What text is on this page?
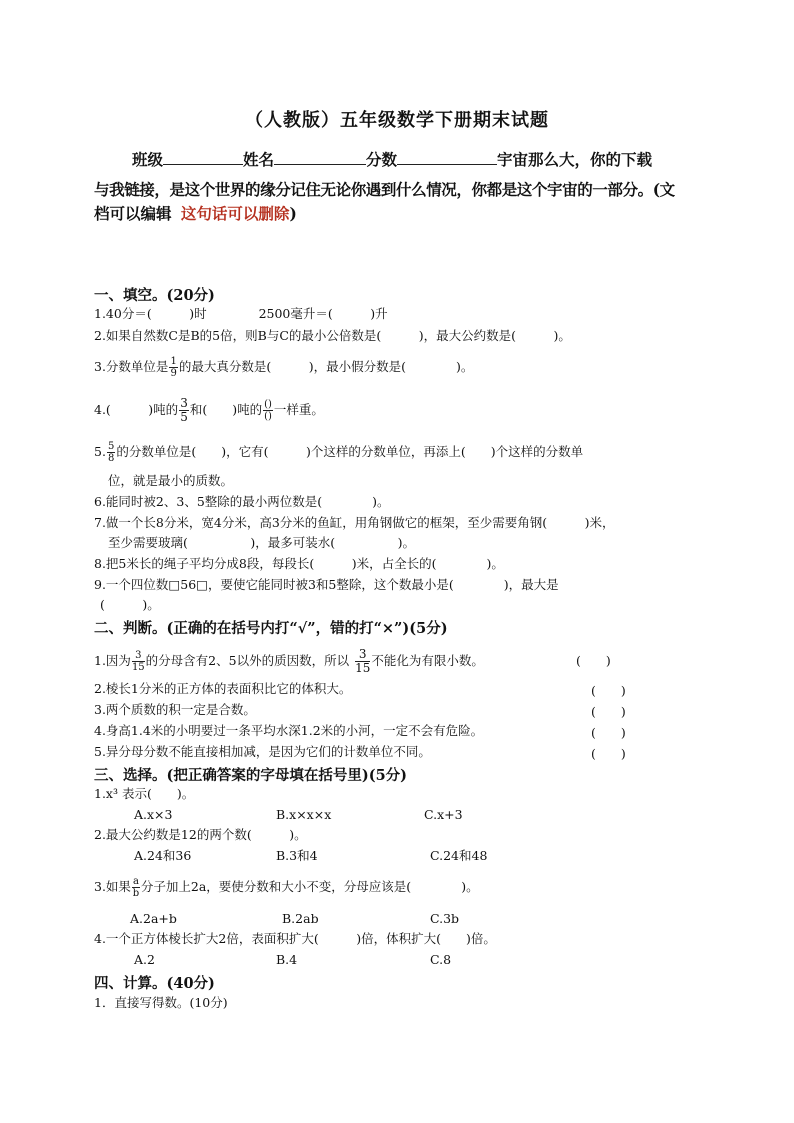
（人教版）五年级数学下册期末试题
班级	姓名	分数	宇宙那么大，你的下载
与我链接，是这个世界的缘分记住无论你遇到什么情况，你都是这个宇宙的一部分。(文
档可以编辑 这句话可以删除)
一、填空。(20分)
1.40分＝(　　　)时	2500毫升＝(　　　)升
2.如果自然数C是B的5倍，则B与C的最小公倍数是(　　　)，最大公约数是(　　　)。
3.分数单位是 $\frac{1}{9}$ 的最大真分数是(　　　)，最小假分数是(　　　　)。
4.(　　　)吨的 $\frac{3}{5}$ 和(　　)吨的 ()
() 一样重。
5. $\frac{5}{8}$ 的分数单位是(　　)，它有(　　　)个这样的分数单位，再添上(　　)个这样的分数单
位，就是最小的质数。
6.能同时被2、3、5整除的最小两位数是(　　　　)。
7.做一个长8分米，宽4分米，高3分米的鱼缸，用角钢做它的框架，至少需要角钢(　　　)米，
至少需要玻璃(　　　　　)，最多可装水(　　　　　)。
8.把5米长的绳子平均分成8段，每段长(　　　)米，占全长的(　　　　)。
9.一个四位数□56□，要使它能同时被3和5整除，这个数最小是(　　　　)，最大是
(　　　)。
二、判断。(正确的在括号内打“√”，错的打“×”)(5分)
1.因为 $\frac{3}{15}$ 的分母含有2、5以外的质因数，所以 $\frac{3}{15}$ 不能化为有限小数。	(　　)
2.棱长1分米的正方体的表面积比它的体积大。	(　　)
3.两个质数的积一定是合数。	(　　)
4.身高1.4米的小明要过一条平均水深1.2米的小河，一定不会有危险。	(　　)
5.异分母分数不能直接相加减，是因为它们的计数单位不同。	(　　)
三、选择。(把正确答案的字母填在括号里)(5分)
1.x³ 表示(　　)。
A.x×3	B.x×x×x	C.x+3
2.最大公约数是12的两个数(　　　)。
A.24和36	B.3和4	C.24和48
3.如果 $\frac{a}{b}$ 分子加上2a，要使分数和大小不变，分母应该是(　　　　)。
A.2a+b	B.2ab	C.3b
4.一个正方体棱长扩大2倍，表面积扩大(　　　)倍，体积扩大(　　)倍。
A.2	B.4	C.8
四、计算。(40分)
1．直接写得数。(10分)
